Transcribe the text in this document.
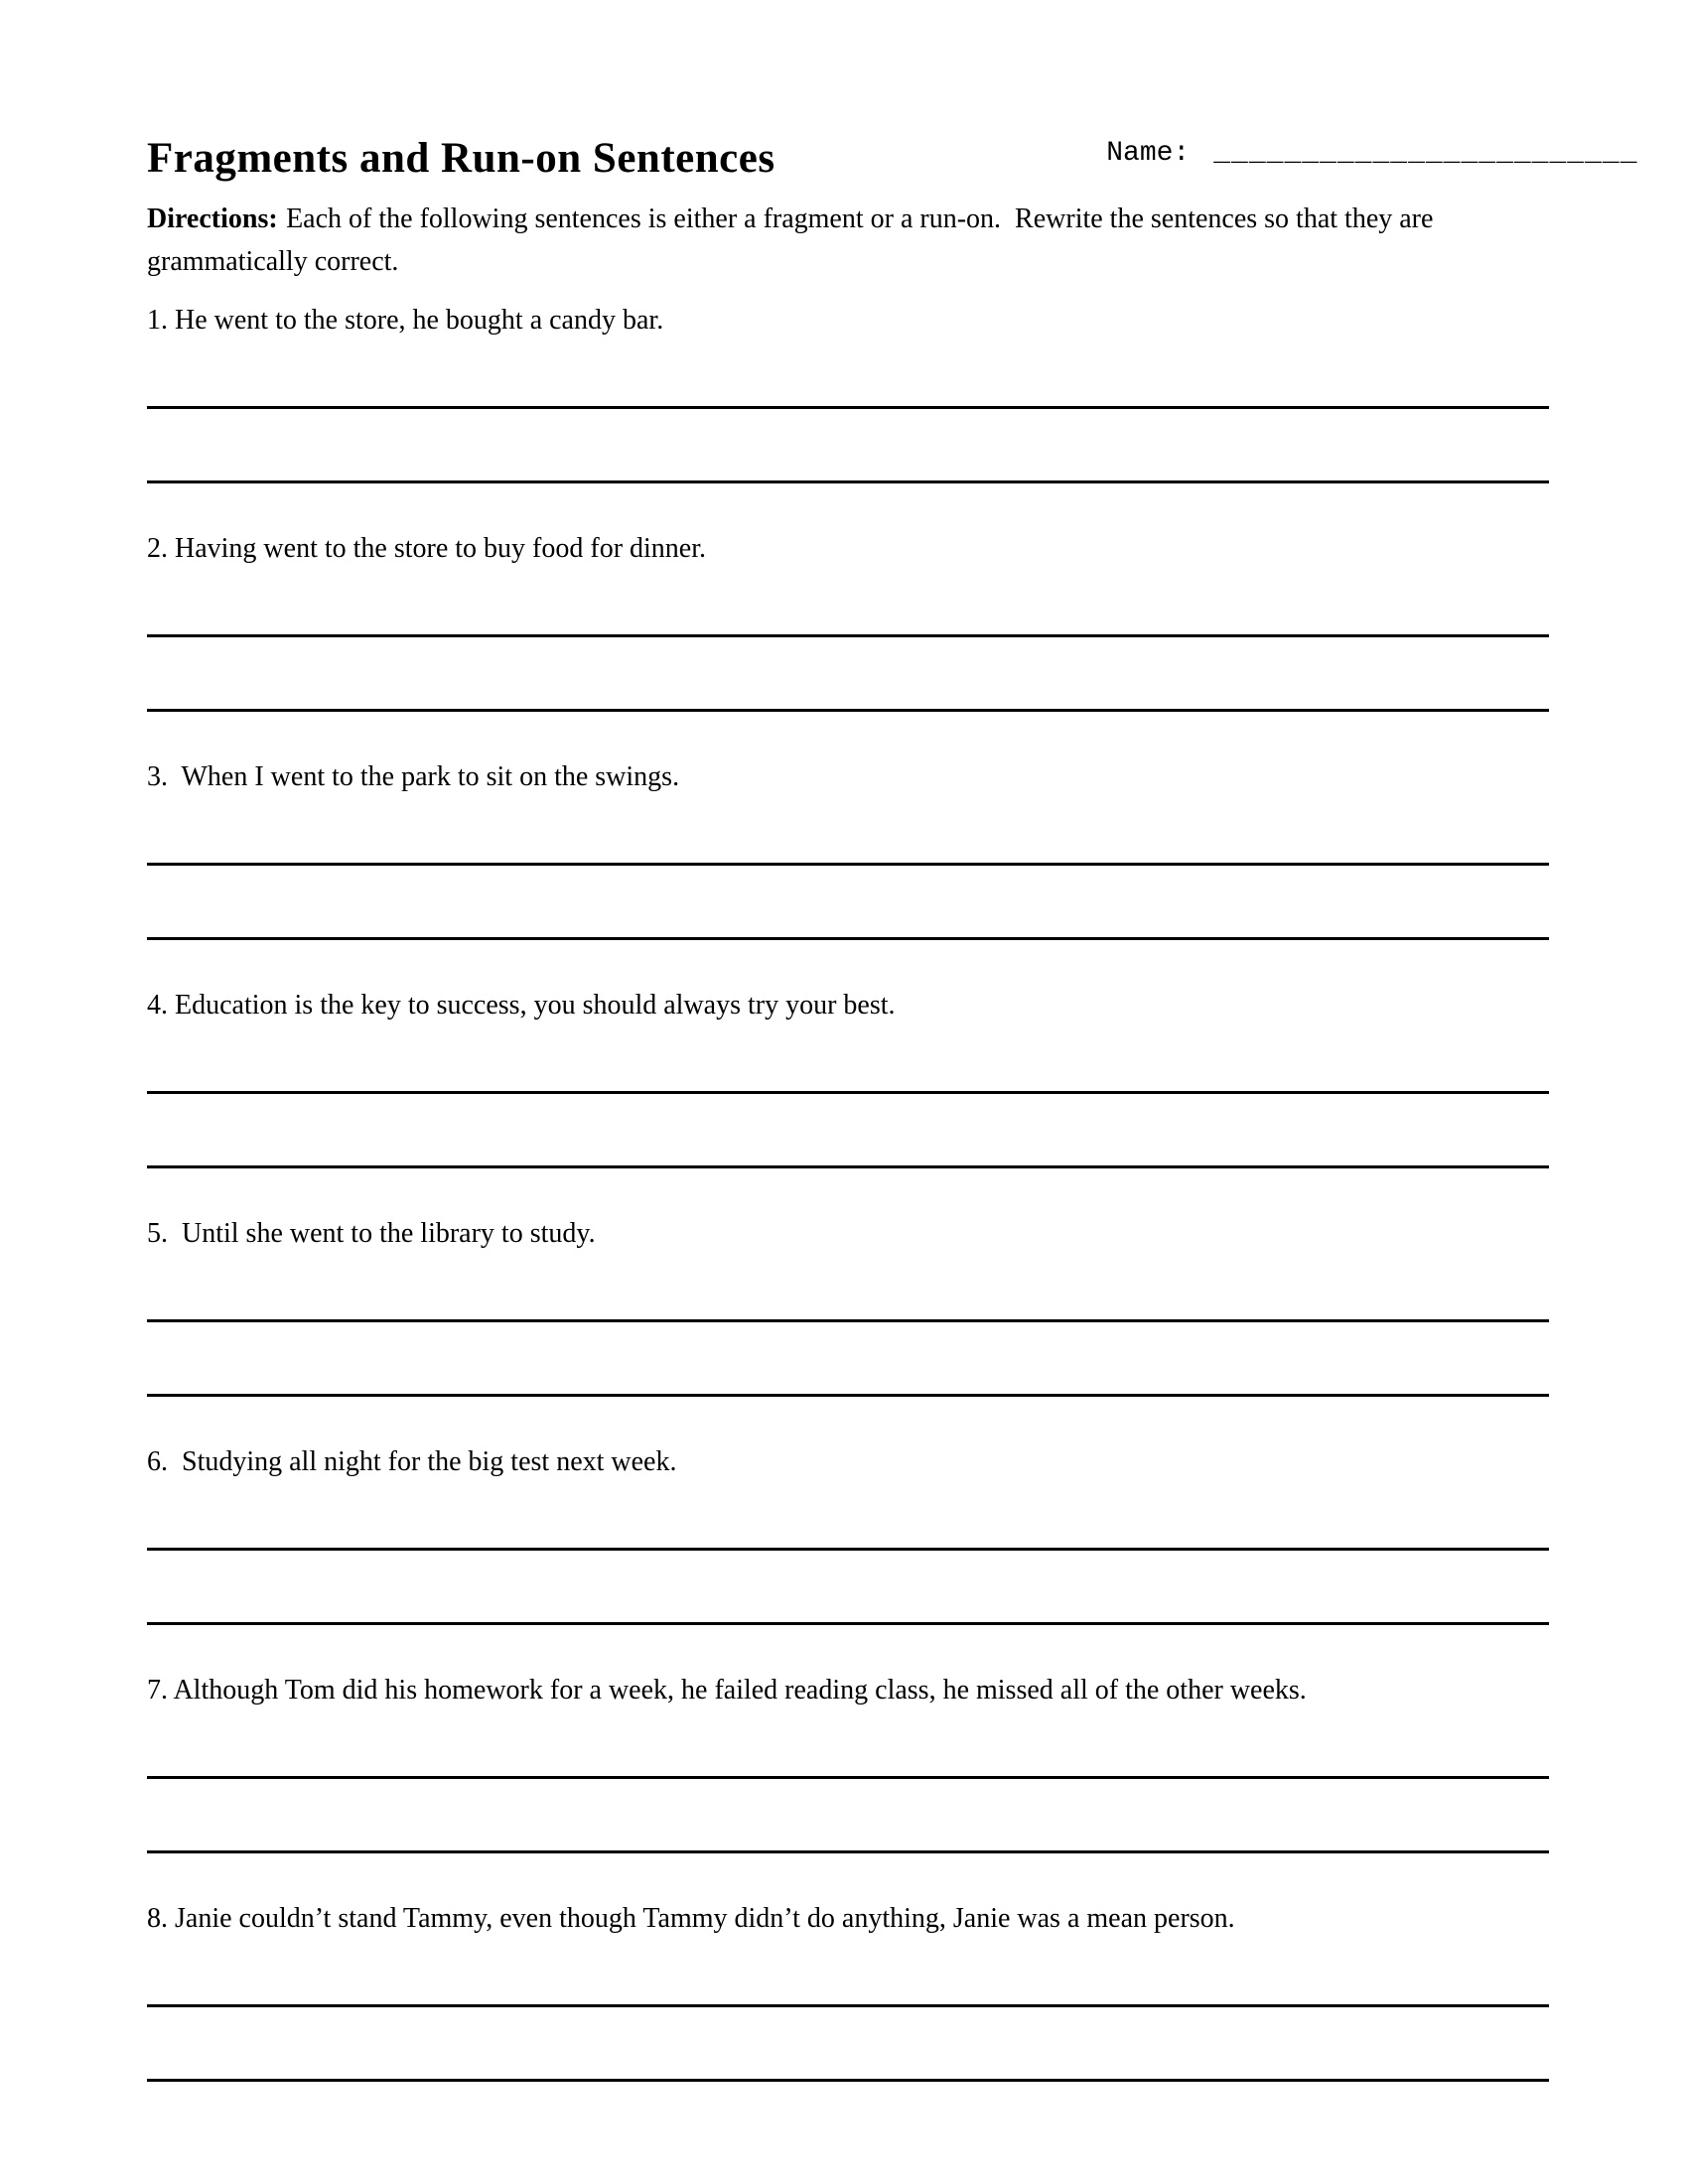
Name: ________________________

Fragments and Run-on Sentences

Directions: Each of the following sentences is either a fragment or a run-on.  Rewrite the sentences so that they are grammatically correct.

1. He went to the store, he bought a candy bar.

2. Having went to the store to buy food for dinner.

3.  When I went to the park to sit on the swings.

4. Education is the key to success, you should always try your best.

5.  Until she went to the library to study.

6.  Studying all night for the big test next week.

7. Although Tom did his homework for a week, he failed reading class, he missed all of the other weeks.

8. Janie couldn’t stand Tammy, even though Tammy didn’t do anything, Janie was a mean person.
